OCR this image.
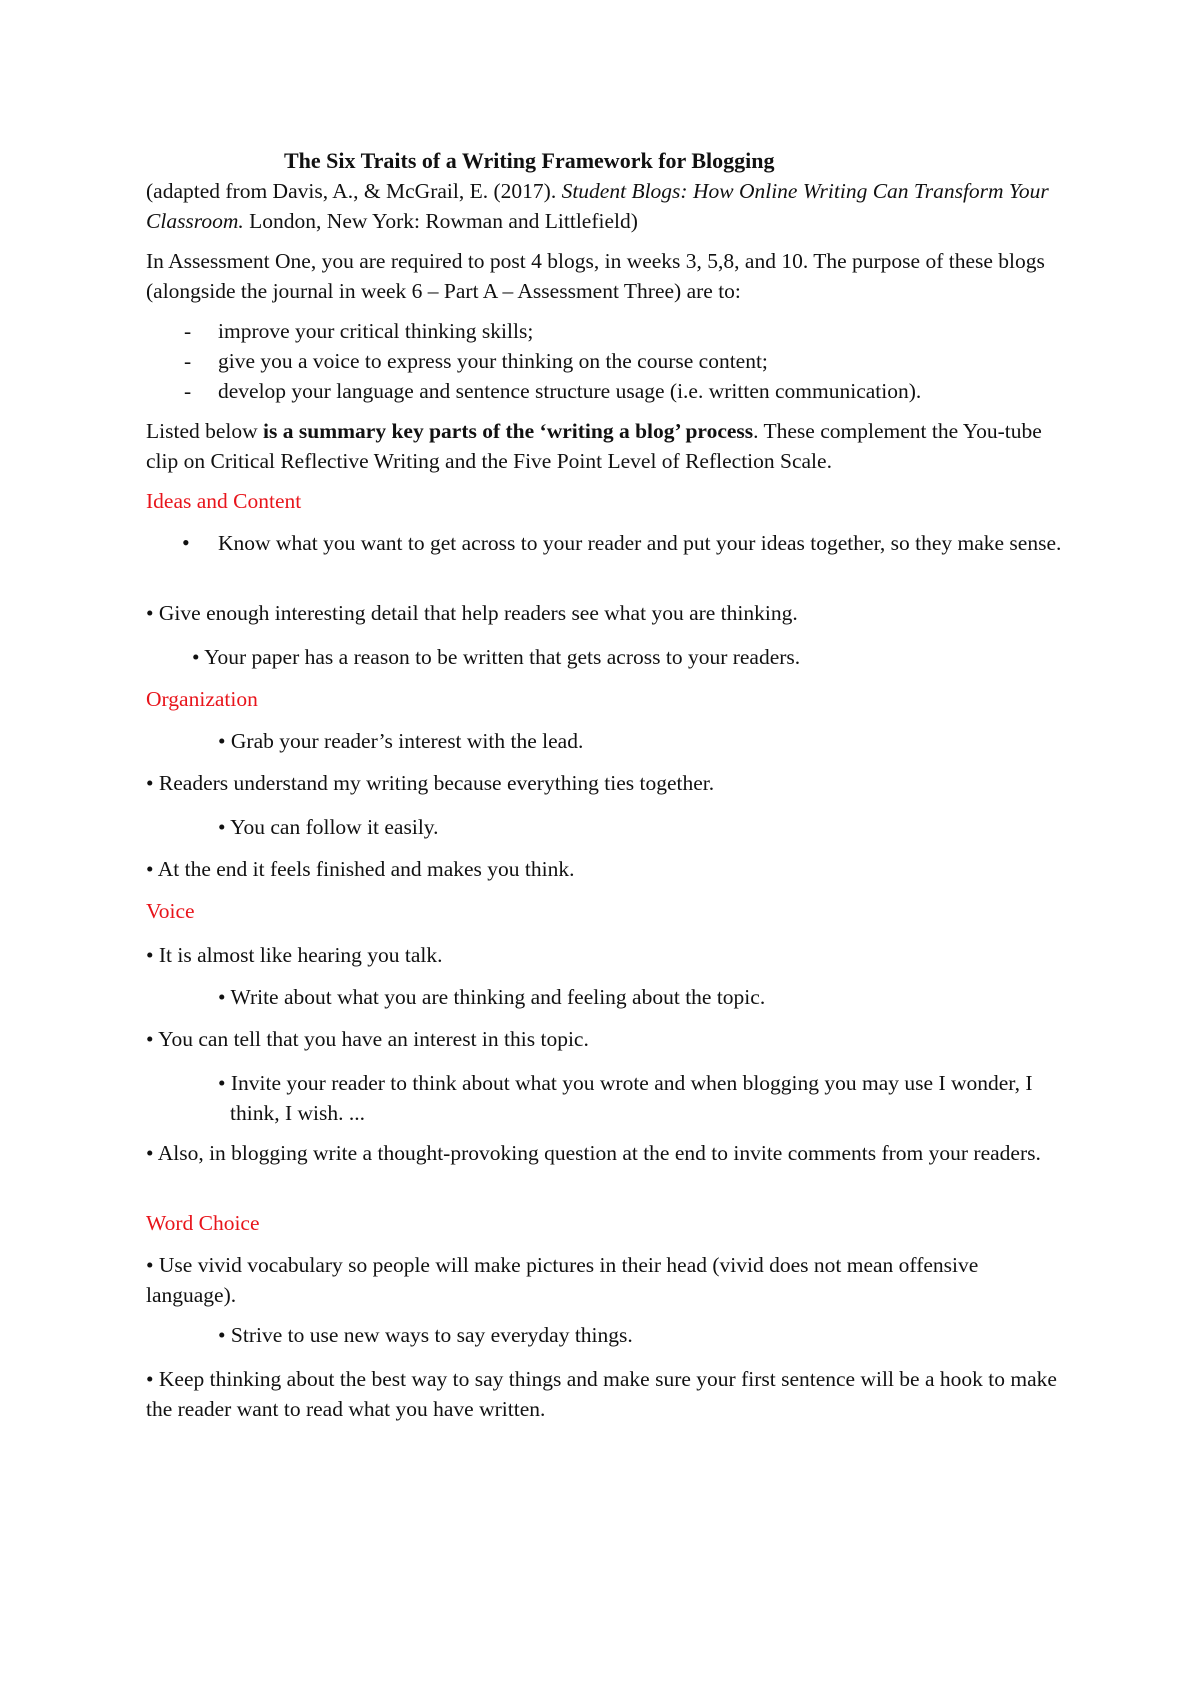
The Six Traits of a Writing Framework for Blogging
(adapted from Davis, A., & McGrail, E. (2017). Student Blogs: How Online Writing Can Transform Your Classroom. London, New York: Rowman and Littlefield)
In Assessment One, you are required to post 4 blogs, in weeks 3, 5,8, and 10. The purpose of these blogs (alongside the journal in week 6 – Part A – Assessment Three) are to:
- improve your critical thinking skills;
- give you a voice to express your thinking on the course content;
- develop your language and sentence structure usage (i.e. written communication).
Listed below is a summary key parts of the ‘writing a blog’ process. These complement the You-tube clip on Critical Reflective Writing and the Five Point Level of Reflection Scale.
Ideas and Content
• Know what you want to get across to your reader and put your ideas together, so they make sense.
• Give enough interesting detail that help readers see what you are thinking.
• Your paper has a reason to be written that gets across to your readers.
Organization
• Grab your reader’s interest with the lead.
• Readers understand my writing because everything ties together.
• You can follow it easily.
• At the end it feels finished and makes you think.
Voice
• It is almost like hearing you talk.
• Write about what you are thinking and feeling about the topic.
• You can tell that you have an interest in this topic.
• Invite your reader to think about what you wrote and when blogging you may use I wonder, I think, I wish. ...
• Also, in blogging write a thought-provoking question at the end to invite comments from your readers.
Word Choice
• Use vivid vocabulary so people will make pictures in their head (vivid does not mean offensive language).
• Strive to use new ways to say everyday things.
• Keep thinking about the best way to say things and make sure your first sentence will be a hook to make the reader want to read what you have written.
